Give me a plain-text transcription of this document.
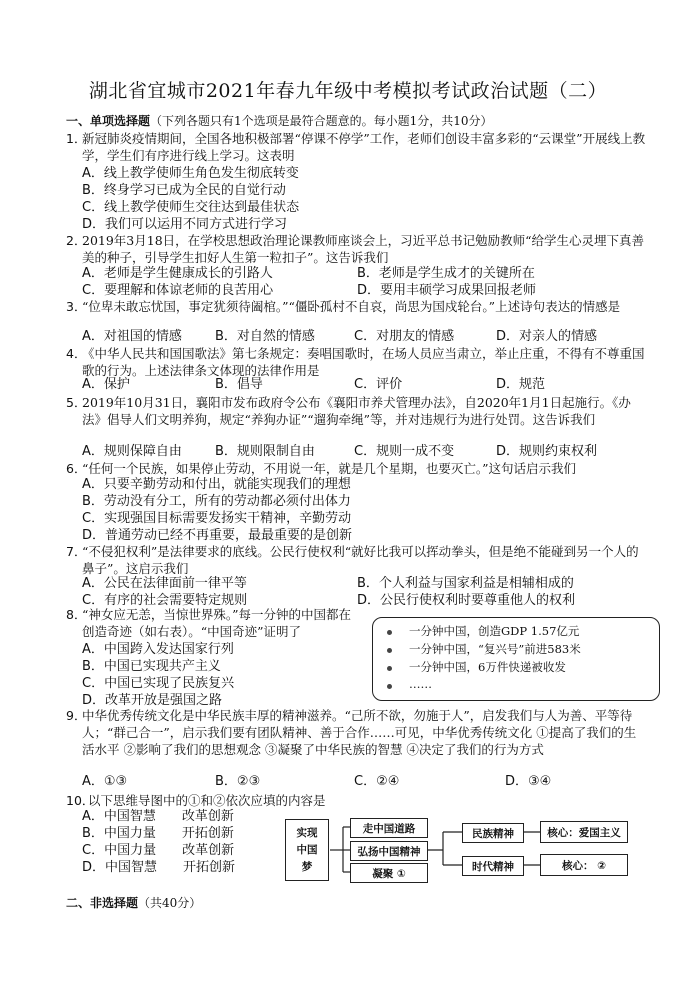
湖北省宜城市2021年春九年级中考模拟考试政治试题（二）
一、单项选择题（下列各题只有1个选项是最符合题意的。每小题1分，共10分）
1．
新冠肺炎疫情期间，全国各地积极部署“停课不停学”工作，老师们创设丰富多彩的“云课堂”开展线上教学，学生们有序进行线上学习。这表明
A．线上教学使师生角色发生彻底转变
B．终身学习已成为全民的自觉行动
C．线上教学使师生交往达到最佳状态
D．我们可以运用不同方式进行学习
2．
2019年3月18日，在学校思想政治理论课教师座谈会上，习近平总书记勉励教师“给学生心灵埋下真善美的种子，引导学生扣好人生第一粒扣子”。这告诉我们
A．老师是学生健康成长的引路人	B．老师是学生成才的关键所在
C．要理解和体谅老师的良苦用心	D．要用丰硕学习成果回报老师
3．
“位卑未敢忘忧国，事定犹须待阖棺。”“僵卧孤村不自哀，尚思为国戍轮台。”上述诗句表达的情感是
A．对祖国的情感	B．对自然的情感	C．对朋友的情感	D．对亲人的情感
4．
《中华人民共和国国歌法》第七条规定：奏唱国歌时，在场人员应当肃立，举止庄重，不得有不尊重国歌的行为。上述法律条文体现的法律作用是
A．保护	B．倡导	C．评价	D．规范
5．
2019年10月31日，襄阳市发布政府令公布《襄阳市养犬管理办法》，自2020年1月1日起施行。《办法》倡导人们文明养狗，规定“养狗办证”“遛狗牵绳”等，并对违规行为进行处罚。这告诉我们
A．规则保障自由	B．规则限制自由	C．规则一成不变	D．规则约束权利
6．
“任何一个民族，如果停止劳动，不用说一年，就是几个星期，也要灭亡。”这句话启示我们
A．只要辛勤劳动和付出，就能实现我们的理想
B．劳动没有分工，所有的劳动都必须付出体力
C．实现强国目标需要发扬实干精神，辛勤劳动
D．普通劳动已经不再重要，最最重要的是创新
7．
“不侵犯权利”是法律要求的底线。公民行使权利“就好比我可以挥动拳头，但是绝不能碰到另一个人的鼻子”。这启示我们
A．公民在法律面前一律平等	B．个人利益与国家利益是相辅相成的
C．有序的社会需要特定规则	D．公民行使权利时要尊重他人的权利
8．
“神女应无恙，当惊世界殊。”每一分钟的中国都在创造奇迹（如右表）。“中国奇迹”证明了
A．中国跨入发达国家行列
B．中国已实现共产主义
C．中国已实现了民族复兴
D．改革开放是强国之路
一分钟中国，创造GDP 1.57亿元
一分钟中国，“复兴号”前进583米
一分钟中国，6万件快递被收发
……
9．
中华优秀传统文化是中华民族丰厚的精神滋养。“己所不欲，勿施于人”，启发我们与人为善、平等待人；“群己合一”，启示我们要有团队精神、善于合作……可见，中华优秀传统文化 ①提高了我们的生活水平 ②影响了我们的思想观念 ③凝聚了中华民族的智慧 ④决定了我们的行为方式
A．①③	B．②③	C．②④	D．③④
10．
以下思维导图中的①和②依次应填的内容是
A．中国智慧　　改革创新
B．中国力量　　开拓创新
C．中国力量　　改革创新
D．中国智慧　　开拓创新
实现中国梦
走中国道路
弘扬中国精神
凝聚 ①
民族精神
时代精神
核心：爱国主义
核心： ②
二、非选择题（共40分）
